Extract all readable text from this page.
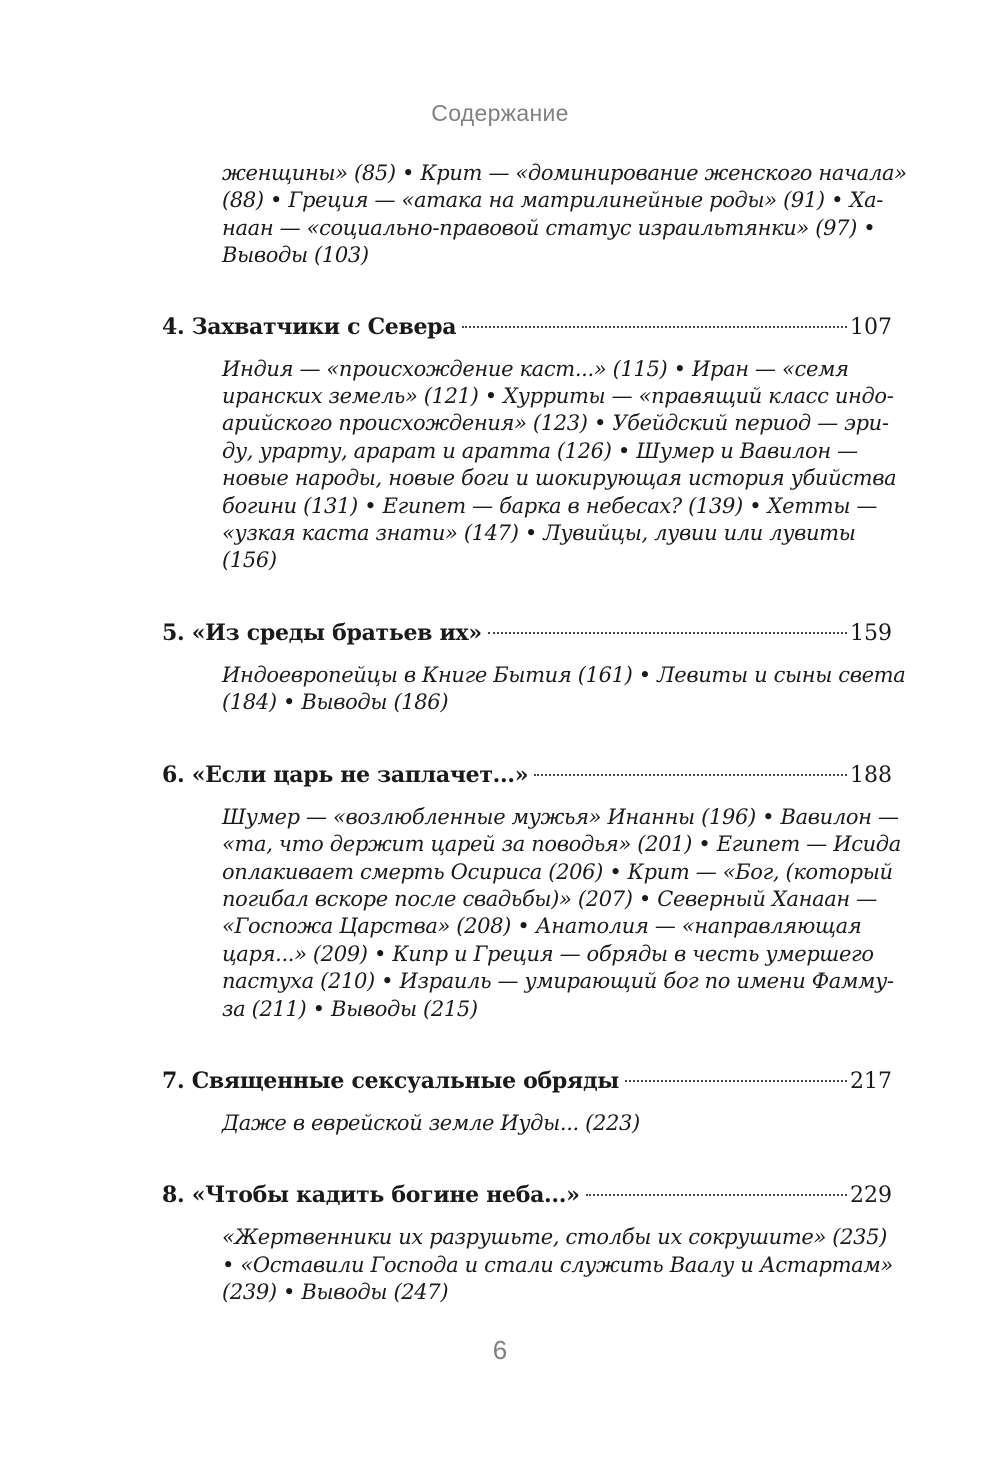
Содержание
женщины» (85) • Крит — «доминирование женского начала»
(88) • Греция — «атака на матрилинейные роды» (91) • Ха-
наан — «социально-правовой статус израильтянки» (97) •
Выводы (103)
4. Захватчики с Севера	107
Индия — «происхождение каст...» (115) • Иран — «семя
иранских земель» (121) • Хурриты — «правящий класс индо-
арийского происхождения» (123) • Убейдский период — эри-
ду, урарту, арарат и аратта (126) • Шумер и Вавилон —
новые народы, новые боги и шокирующая история убийства
богини (131) • Египет — барка в небесах? (139) • Хетты —
«узкая каста знати» (147) • Лувийцы, лувии или лувиты
(156)
5. «Из среды братьев их»	159
Индоевропейцы в Книге Бытия (161) • Левиты и сыны света
(184) • Выводы (186)
6. «Если царь не заплачет...»	188
Шумер — «возлюбленные мужья» Инанны (196) • Вавилон —
«та, что держит царей за поводья» (201) • Египет — Исида
оплакивает смерть Осириса (206) • Крит — «Бог, (который
погибал вскоре после свадьбы)» (207) • Северный Ханаан —
«Госпожа Царства» (208) • Анатолия — «направляющая
царя...» (209) • Кипр и Греция — обряды в честь умершего
пастуха (210) • Израиль — умирающий бог по имени Фамму-
за (211) • Выводы (215)
7. Священные сексуальные обряды	217
Даже в еврейской земле Иуды... (223)
8. «Чтобы кадить богине неба...»	229
«Жертвенники их разрушьте, столбы их сокрушите» (235)
• «Оставили Господа и стали служить Ваалу и Астартам»
(239) • Выводы (247)
6
